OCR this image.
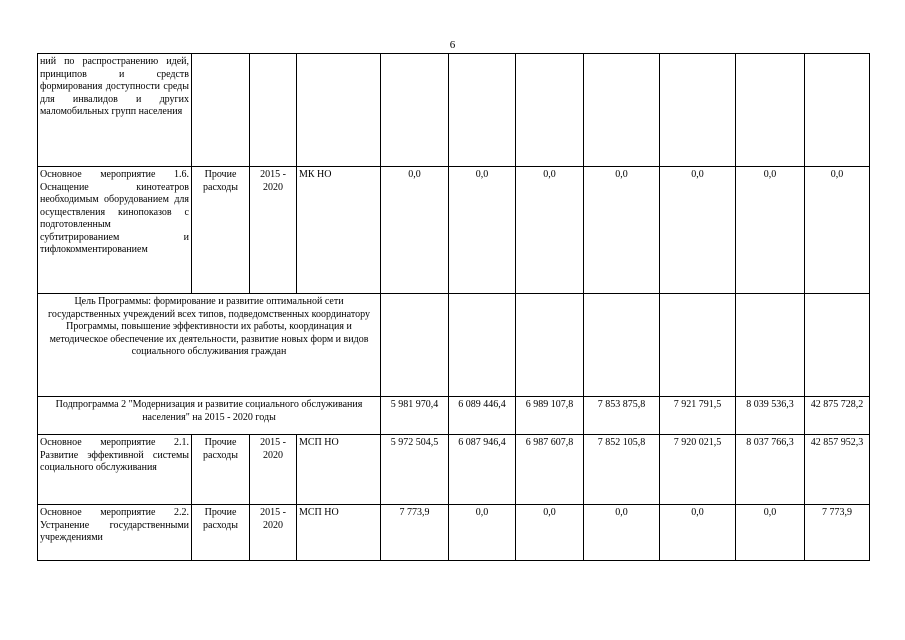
6
ний по распространению идей, принципов и средств формирования доступности среды для инвалидов и других маломобильных групп населения										
Основное мероприятие 1.6. Оснащение кинотеатров необходимым оборудованием для осуществления кинопоказов с подготовленным субтитрированием и тифлокомментированием	Прочие расходы	2015 - 2020	МК НО	0,0	0,0	0,0	0,0	0,0	0,0	0,0
Цель Программы: формирование и развитие оптимальной сети государственных учреждений всех типов, подведомственных координатору Программы, повышение эффективности их работы, координация и методическое обеспечение их деятельности, развитие новых форм и видов социального обслуживания граждан										
Подпрограмма 2 "Модернизация и развитие социального обслуживания населения" на 2015 - 2020 годы				5 981 970,4	6 089 446,4	6 989 107,8	7 853 875,8	7 921 791,5	8 039 536,3	42 875 728,2
Основное мероприятие 2.1. Развитие эффективной системы социального обслуживания	Прочие расходы	2015 - 2020	МСП НО	5 972 504,5	6 087 946,4	6 987 607,8	7 852 105,8	7 920 021,5	8 037 766,3	42 857 952,3
Основное мероприятие 2.2. Устранение государственными учреждениями	Прочие расходы	2015 - 2020	МСП НО	7 773,9	0,0	0,0	0,0	0,0	0,0	7 773,9
